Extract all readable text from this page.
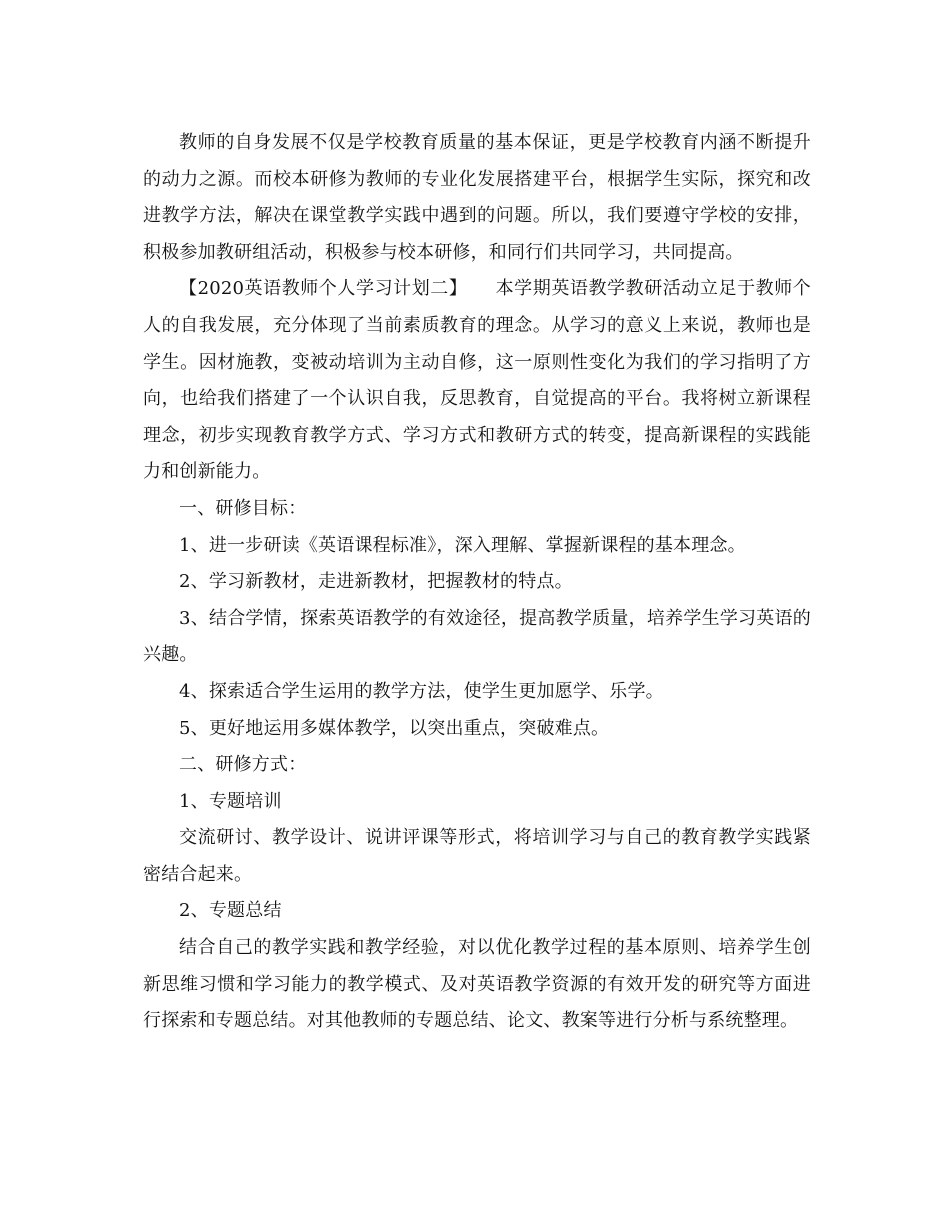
教师的自身发展不仅是学校教育质量的基本保证，更是学校教育内涵不断提升的动力之源。而校本研修为教师的专业化发展搭建平台，根据学生实际，探究和改进教学方法，解决在课堂教学实践中遇到的问题。所以，我们要遵守学校的安排，积极参加教研组活动，积极参与校本研修，和同行们共同学习，共同提高。

【2020英语教师个人学习计划二】　　本学期英语教学教研活动立足于教师个人的自我发展，充分体现了当前素质教育的理念。从学习的意义上来说，教师也是学生。因材施教，变被动培训为主动自修，这一原则性变化为我们的学习指明了方向，也给我们搭建了一个认识自我，反思教育，自觉提高的平台。我将树立新课程理念，初步实现教育教学方式、学习方式和教研方式的转变，提高新课程的实践能力和创新能力。

一、研修目标：

1、进一步研读《英语课程标准》，深入理解、掌握新课程的基本理念。

2、学习新教材，走进新教材，把握教材的特点。

3、结合学情，探索英语教学的有效途径，提高教学质量，培养学生学习英语的兴趣。

4、探索适合学生运用的教学方法，使学生更加愿学、乐学。

5、更好地运用多媒体教学，以突出重点，突破难点。

二、研修方式：

1、专题培训

交流研讨、教学设计、说讲评课等形式，将培训学习与自己的教育教学实践紧密结合起来。

2、专题总结

结合自己的教学实践和教学经验，对以优化教学过程的基本原则、培养学生创新思维习惯和学习能力的教学模式、及对英语教学资源的有效开发的研究等方面进行探索和专题总结。对其他教师的专题总结、论文、教案等进行分析与系统整理。
